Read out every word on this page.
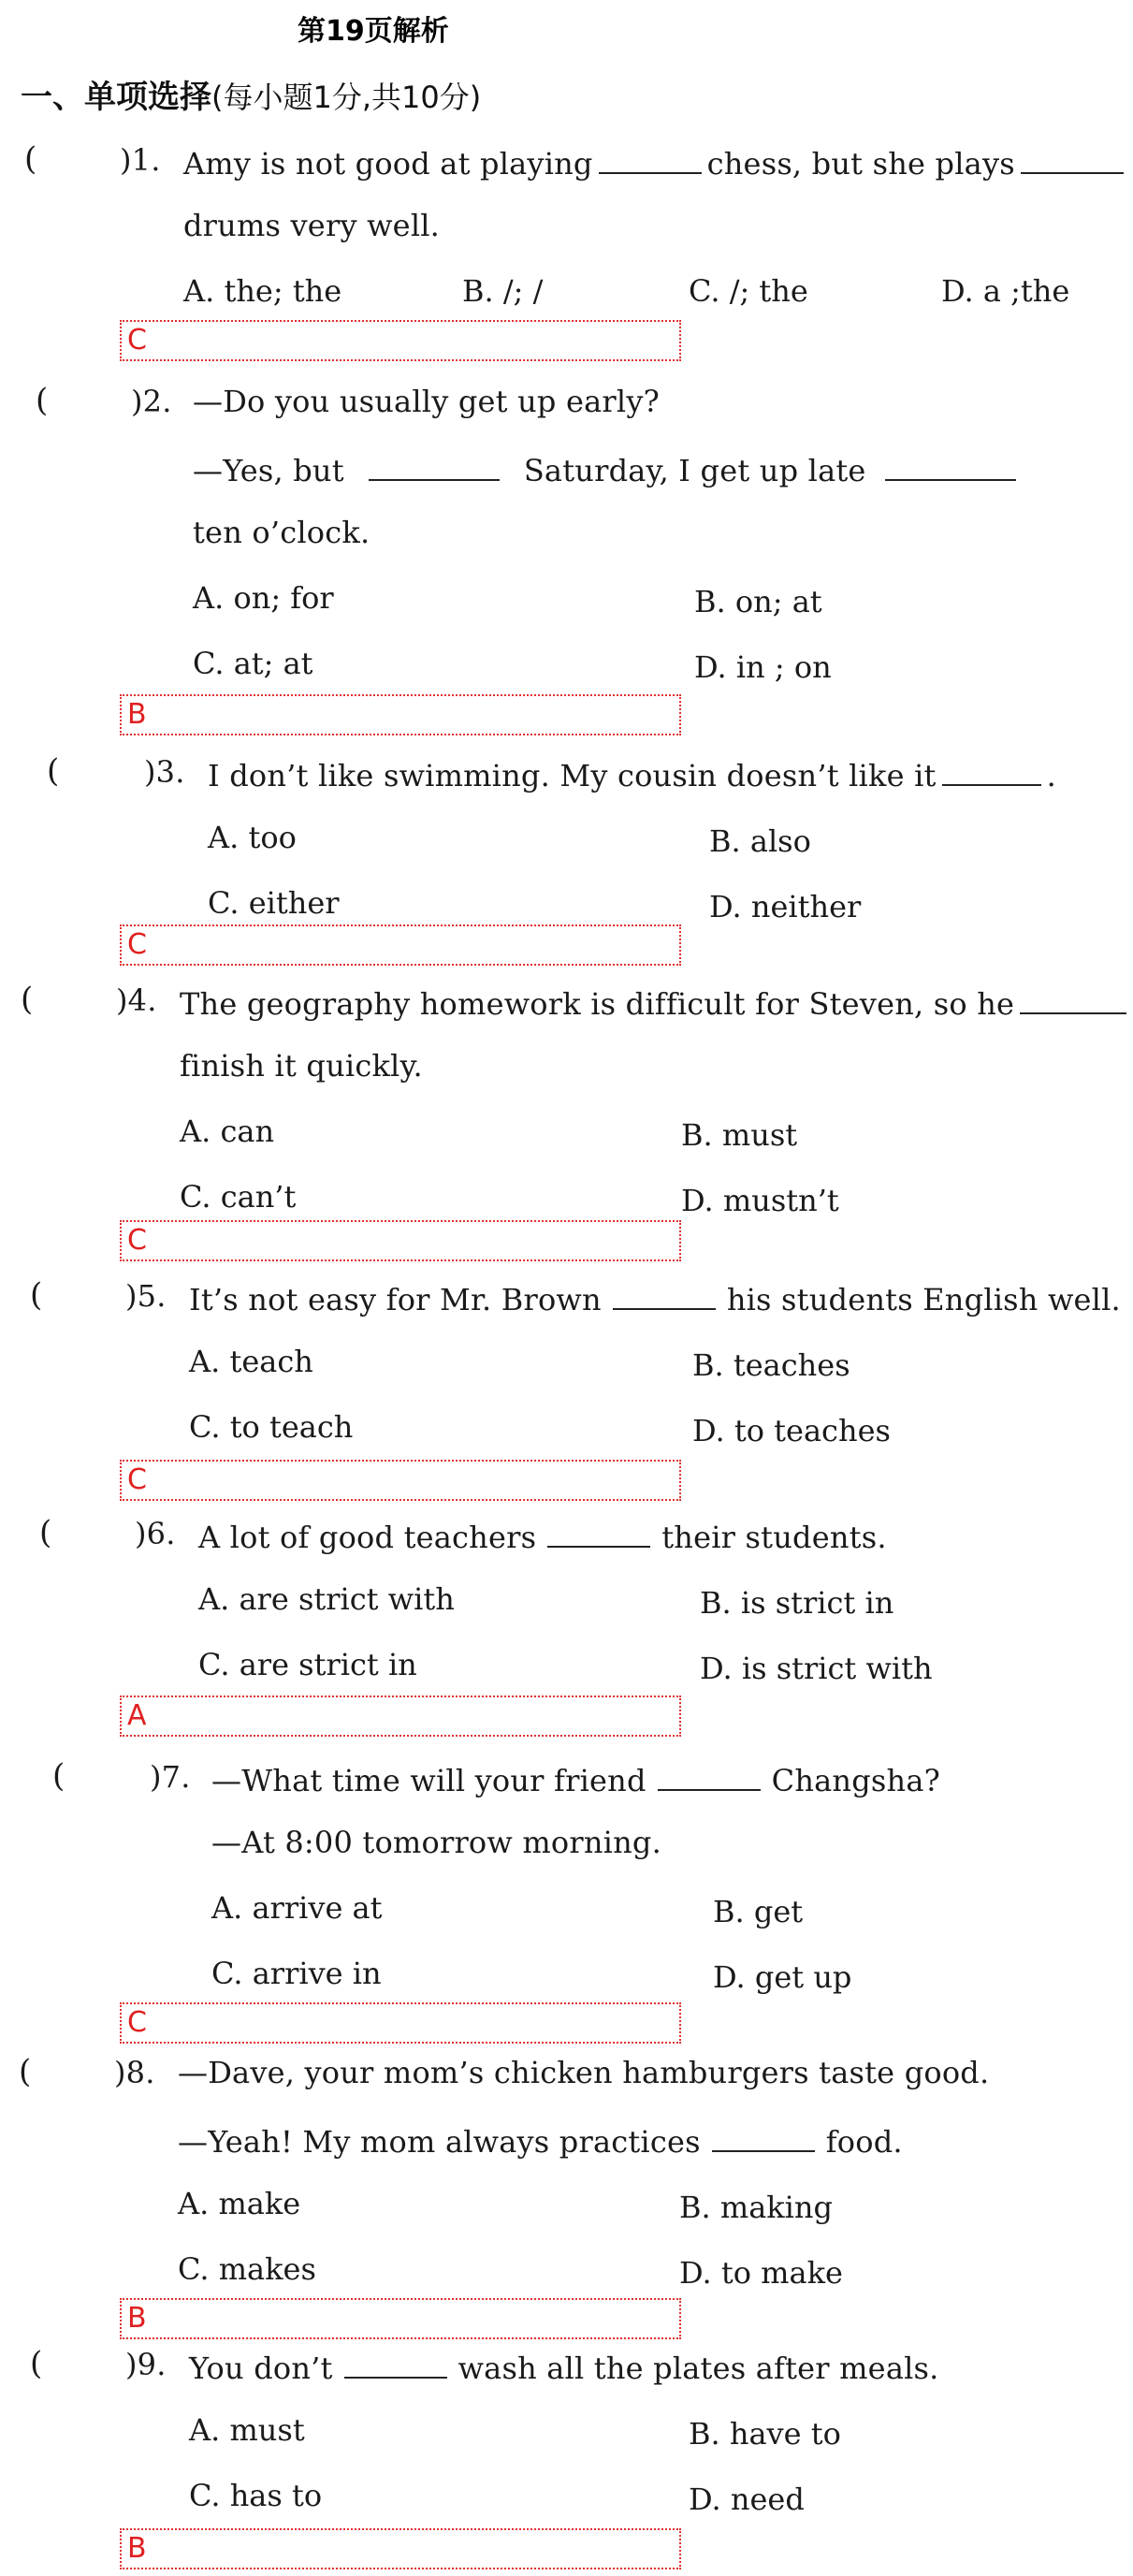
第19页解析
一、单项选择(每小题1分,共10分)
(	)1. Amy is not good at playing	chess, but she plays
drums very well.
A. the; the	B. /; /	C. /; the	D. a ;the
C
(	)2. —Do you usually get up early?
—Yes, but	Saturday, I get up late
ten o’clock.
A. on; for	B. on; at
C. at; at	D. in ; on
B
(	)3. I don’t like swimming. My cousin doesn’t like it	.
A. too	B. also
C. either	D. neither
C
(	)4. The geography homework is difficult for Steven, so he
finish it quickly.
A. can	B. must
C. can’t	D. mustn’t
C
(	)5. It’s not easy for Mr. Brown	his students English well.
A. teach	B. teaches
C. to teach	D. to teaches
C
(	)6. A lot of good teachers	their students.
A. are strict with	B. is strict in
C. are strict in	D. is strict with
A
(	)7. —What time will your friend	Changsha?
—At 8:00 tomorrow morning.
A. arrive at	B. get
C. arrive in	D. get up
C
(	)8. —Dave, your mom’s chicken hamburgers taste good.
—Yeah! My mom always practices	food.
A. make	B. making
C. makes	D. to make
B
(	)9. You don’t	wash all the plates after meals.
A. must	B. have to
C. has to	D. need
B
